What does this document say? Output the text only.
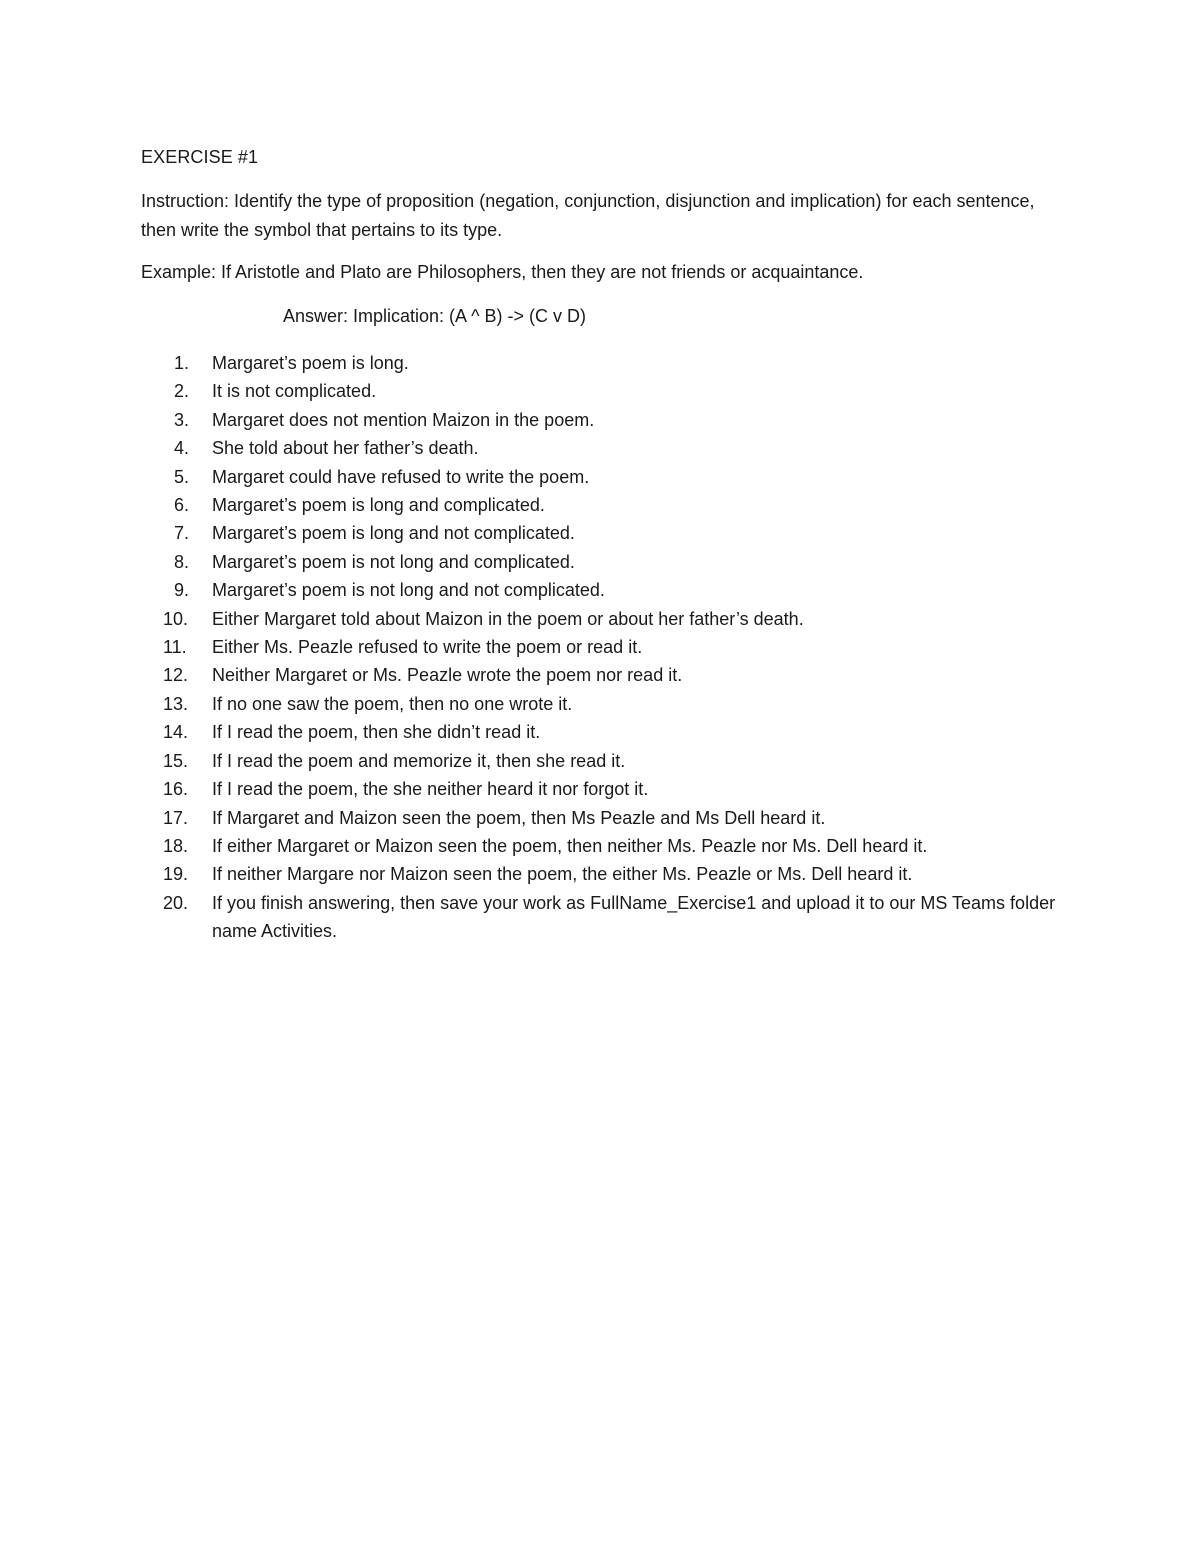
EXERCISE #1
Instruction: Identify the type of proposition (negation, conjunction, disjunction and implication) for each sentence, then write the symbol that pertains to its type.
Example: If Aristotle and Plato are Philosophers, then they are not friends or acquaintance.
Answer: Implication: (A ^ B) -> (C v D)
1. Margaret’s poem is long.
2. It is not complicated.
3. Margaret does not mention Maizon in the poem.
4. She told about her father’s death.
5. Margaret could have refused to write the poem.
6. Margaret’s poem is long and complicated.
7. Margaret’s poem is long and not complicated.
8. Margaret’s poem is not long and complicated.
9. Margaret’s poem is not long and not complicated.
10. Either Margaret told about Maizon in the poem or about her father’s death.
11. Either Ms. Peazle refused to write the poem or read it.
12. Neither Margaret or Ms. Peazle wrote the poem nor read it.
13. If no one saw the poem, then no one wrote it.
14. If I read the poem, then she didn’t read it.
15. If I read the poem and memorize it, then she read it.
16. If I read the poem, the she neither heard it nor forgot it.
17. If Margaret and Maizon seen the poem, then Ms Peazle and Ms Dell heard it.
18. If either Margaret or Maizon seen the poem, then neither Ms. Peazle nor Ms. Dell heard it.
19. If neither Margare nor Maizon seen the poem, the either Ms. Peazle or Ms. Dell heard it.
20. If you finish answering, then save your work as FullName_Exercise1 and upload it to our MS Teams folder name Activities.
